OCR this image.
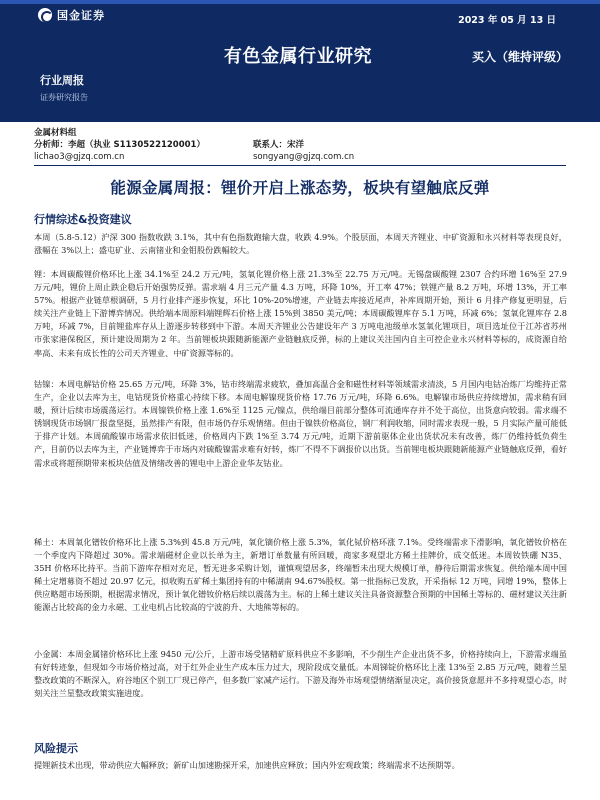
国金证券	2023 年 05 月 13 日
有色金属行业研究	买入（维持评级）
行业周报
证券研究报告
金属材料组
分析师：李超（执业 S1130522120001）	联系人：宋洋
lichao3@gjzq.com.cn	songyang@gjzq.com.cn
能源金属周报：锂价开启上涨态势，板块有望触底反弹
行情综述&投资建议
本周（5.8-5.12）沪深 300 指数收跌 3.1%，其中有色指数跑输大盘，收跌 4.9%。个股层面，本周天齐锂业、中矿资源和永兴材料等表现良好，涨幅在 3%以上；盛屯矿业、云南锗业和金钼股份跌幅较大。
锂：本周碳酸锂价格环比上涨 34.1%至 24.2 万元/吨，氢氧化锂价格上涨 21.3%至 22.75 万元/吨。无锡盘碳酸锂 2307 合约环增 16%至 27.9 万元/吨，锂价上周止跌企稳后开始强势反弹。需求端 4 月三元产量 4.3 万吨，环降 10%，开工率 47%；铁锂产量 8.2 万吨，环增 13%，开工率 57%。根据产业链草根调研，5 月行业排产逐步恢复，环比 10%-20%增速，产业链去库接近尾声，补库周期开始，预计 6 月排产修复更明显，后续关注产业链上下游博弈情况。供给端本周原料端锂辉石价格上涨 15%到 3850 美元/吨；本周碳酸锂库存 5.1 万吨，环减 6%；氢氧化锂库存 2.8 万吨，环减 7%，目前锂盐库存从上游逐步转移到中下游。本周天齐锂业公告建设年产 3 万吨电池级单水氢氧化锂项目，项目选址位于江苏省苏州市张家港保税区，预计建设周期为 2 年。当前锂板块跟随新能源产业链触底反弹，标的上建议关注国内自主可控企业永兴材料等标的，成资源自给率高、未来有成长性的公司天齐锂业、中矿资源等标的。
钴镍：本周电解钴价格 25.65 万元/吨，环降 3%，钴市终端需求疲软，叠加高温合金和磁性材料等领域需求清淡，5 月国内电钴冶炼厂均维持正常生产，企业以去库为主，电钴现货价格重心持续下移。本周电解镍现货价格 17.76 万元/吨，环降 6.6%。电解镍市场供应持续增加，需求稍有回暖，预计后续市场震荡运行。本周镍铁价格上涨 1.6%至 1125 元/镍点，供给端目前部分整体可流通库存并不处于高位，出货意向较弱。需求端不锈钢现货市场钢厂报盘坚挺，虽然排产有限，但市场仍存乐观情绪。但由于镍铁价格高位，钢厂利润收缩，同时需求表现一般，5 月实际产量可能低于排产计划。本周硫酸镍市场需求依旧低迷，价格周内下跌 1%至 3.74 万元/吨，近期下游前驱体企业出货状况未有改善，炼厂仍维持低负荷生产，目前仍以去库为主，产业链博弈于市场内对硫酸镍需求难有好转，炼厂不得不下调报价以出货。当前锂电板块跟随新能源产业链触底反弹，看好需求或将超预期带来板块估值及情绪改善的锂电中上游企业华友钴业。
稀土：本周氧化镨钕价格环比上涨 5.3%到 45.8 万元/吨，氧化镝价格上涨 5.3%，氧化铽价格环涨 7.1%。受终端需求下滑影响，氧化镨钕价格在一个季度内下降超过 30%。需求端磁材企业以长单为主，新增订单数量有所回暖，商家多观望北方稀土挂牌价，成交低迷。本周钕铁硼 N35、35H 价格环比持平。当前下游库存相对充足，暂无进多采购计划，谨慎观望居多，终端暂未出现大规模订单，静待后期需求恢复。供给端本周中国稀土定增募资不超过 20.97 亿元，拟收购五矿稀土集团持有的中稀湖南 94.67%股权。第一批指标已发放，开采指标 12 万吨，同增 19%，整体上供应略超市场预期，根据需求情况，预计氧化镨钕价格后续以震荡为主。标的上稀土建议关注具备资源整合预期的中国稀土等标的、磁材建议关注新能源占比较高的金力永磁、工业电机占比较高的宁波韵升、大地熊等标的。
小金属：本周金属锗价格环比上涨 9450 元/公斤，上游市场受锗精矿原料供应不多影响，不少削生产企业出货不多，价格持续向上，下游需求端虽有好转迹象，但现如今市场价格过高，对于红外企业生产成本压力过大，现阶段成交量低。本周锑锭价格环比上涨 13%至 2.85 万元/吨，随着兰星整改政策的不断深入，府谷地区个别工厂现已停产，但多数厂家减产运行。下游及海外市场观望情绪渐显决定，高价接货意愿并不多持观望心态，时刻关注兰星整改政策实施进度。
风险提示
提锂新技术出现，带动供应大幅释放；新矿山加速勘探开采，加速供应释放；国内外宏观政策；终端需求不达预期等。
